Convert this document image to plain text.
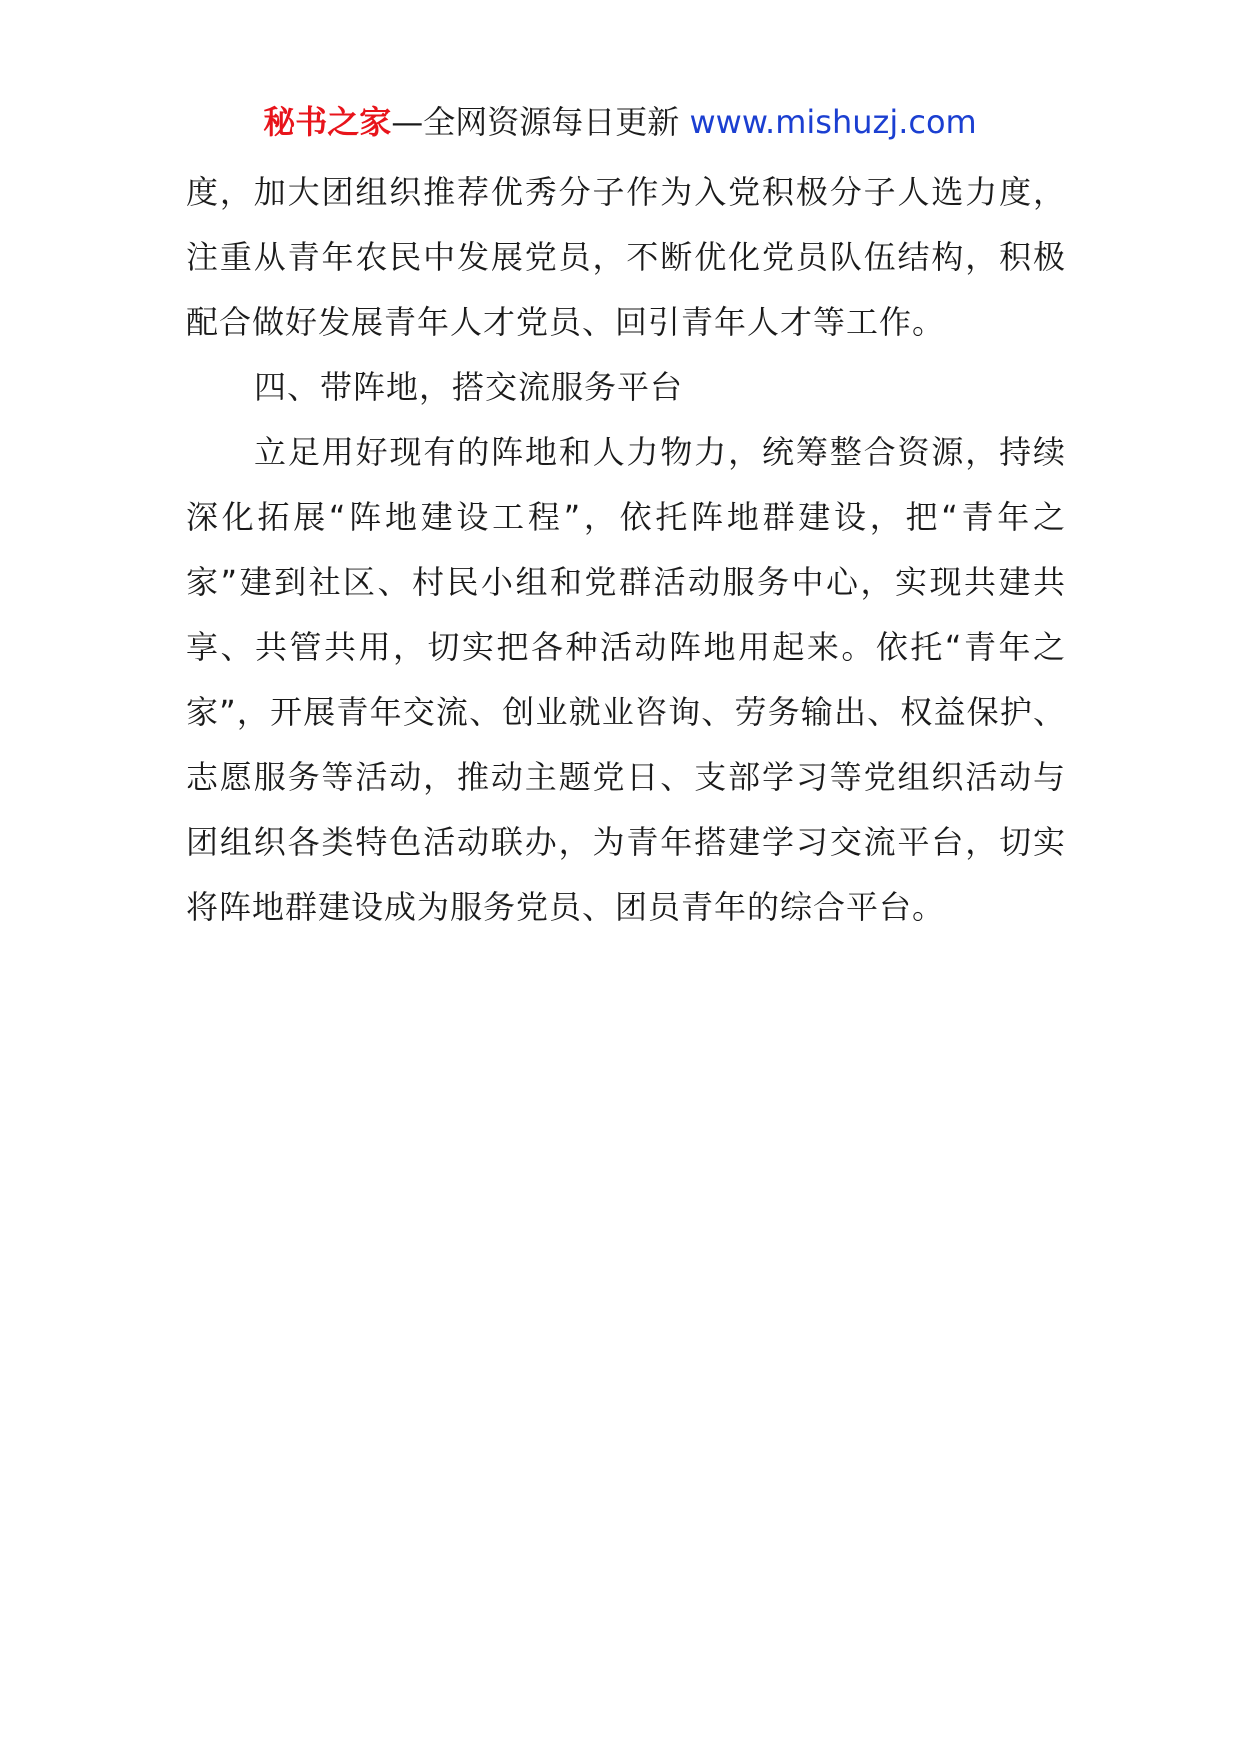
秘书之家—全网资源每日更新 www.mishuzj.com

度，加大团组织推荐优秀分子作为入党积极分子人选力度，注重从青年农民中发展党员，不断优化党员队伍结构，积极配合做好发展青年人才党员、回引青年人才等工作。

四、带阵地，搭交流服务平台

立足用好现有的阵地和人力物力，统筹整合资源，持续深化拓展“阵地建设工程”，依托阵地群建设，把“青年之家”建到社区、村民小组和党群活动服务中心，实现共建共享、共管共用，切实把各种活动阵地用起来。依托“青年之家”，开展青年交流、创业就业咨询、劳务输出、权益保护、志愿服务等活动，推动主题党日、支部学习等党组织活动与团组织各类特色活动联办，为青年搭建学习交流平台，切实将阵地群建设成为服务党员、团员青年的综合平台。
